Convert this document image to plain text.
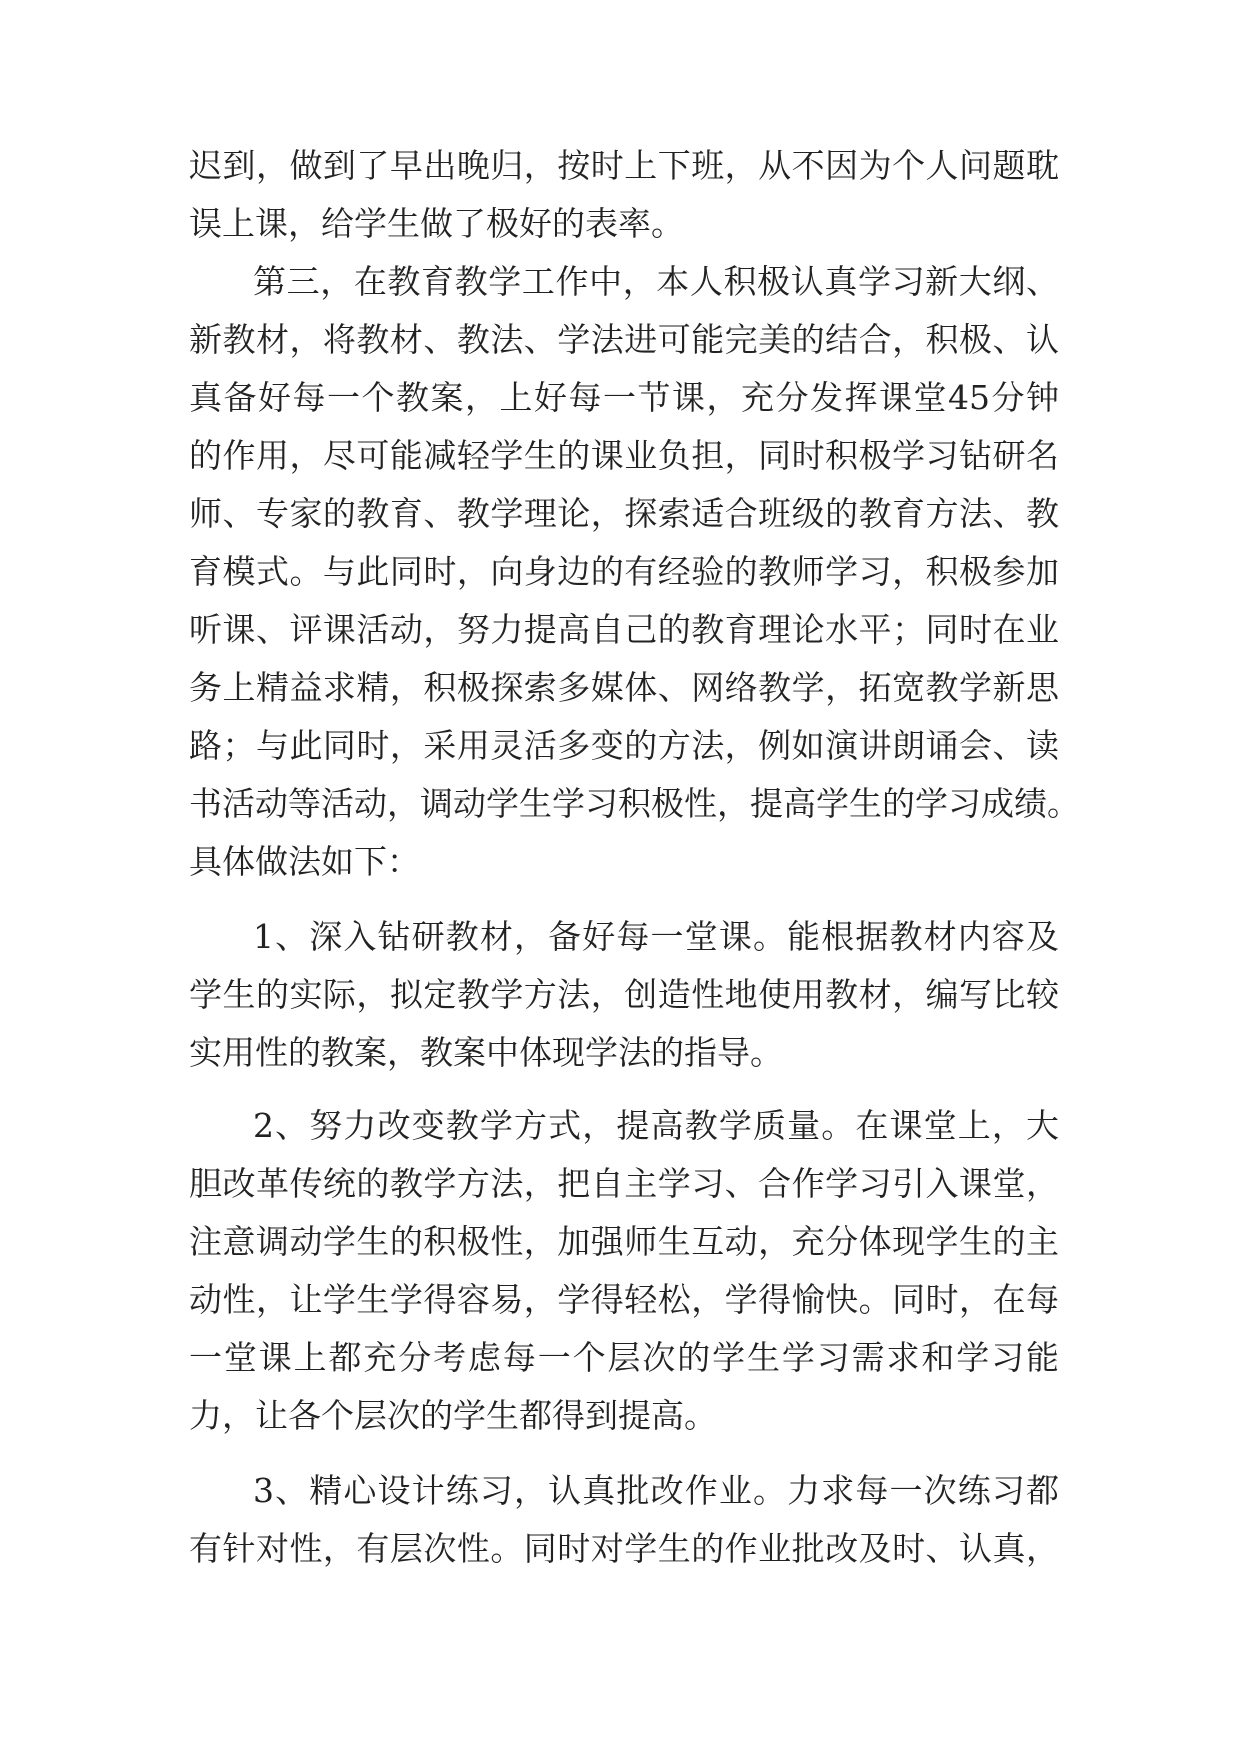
迟到，做到了早出晚归，按时上下班，从不因为个人问题耽
误上课，给学生做了极好的表率。
第三，在教育教学工作中，本人积极认真学习新大纲、
新教材，将教材、教法、学法进可能完美的结合，积极、认
真备好每一个教案，上好每一节课，充分发挥课堂45分钟
的作用，尽可能减轻学生的课业负担，同时积极学习钻研名
师、专家的教育、教学理论，探索适合班级的教育方法、教
育模式。与此同时，向身边的有经验的教师学习，积极参加
听课、评课活动，努力提高自己的教育理论水平；同时在业
务上精益求精，积极探索多媒体、网络教学，拓宽教学新思
路；与此同时，采用灵活多变的方法，例如演讲朗诵会、读
书活动等活动，调动学生学习积极性，提高学生的学习成绩。
具体做法如下：
1、深入钻研教材，备好每一堂课。能根据教材内容及
学生的实际，拟定教学方法，创造性地使用教材，编写比较
实用性的教案，教案中体现学法的指导。
2、努力改变教学方式，提高教学质量。在课堂上，大
胆改革传统的教学方法，把自主学习、合作学习引入课堂，
注意调动学生的积极性，加强师生互动，充分体现学生的主
动性，让学生学得容易，学得轻松，学得愉快。同时，在每
一堂课上都充分考虑每一个层次的学生学习需求和学习能
力，让各个层次的学生都得到提高。
3、精心设计练习，认真批改作业。力求每一次练习都
有针对性，有层次性。同时对学生的作业批改及时、认真，
